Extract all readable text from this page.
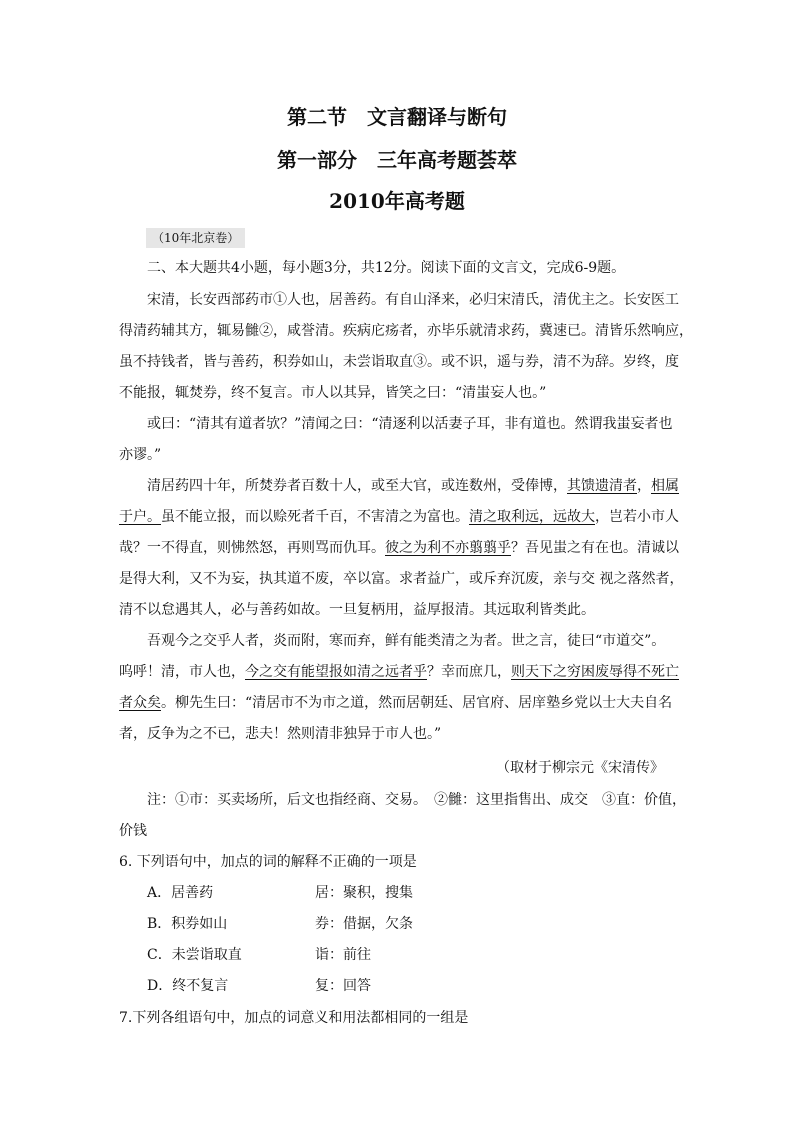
第二节　文言翻译与断句
第一部分　三年高考题荟萃
2010年高考题
（10年北京卷）
二、本大题共4小题，每小题3分，共12分。阅读下面的文言文，完成6-9题。
宋清，长安西部药市①人也，居善药。有自山泽来，必归宋清氏，清优主之。长安医工
得清药辅其方，辄易雠②，咸誉清。疾病庀疡者，亦毕乐就清求药，冀速已。清皆乐然响应，
虽不持钱者，皆与善药，积券如山，未尝诣取直③。或不识，遥与券，清不为辞。岁终，度
不能报，辄焚券，终不复言。市人以其异，皆笑之曰：“清蚩妄人也。”
或曰：“清其有道者欤？”清闻之曰：“清逐利以活妻子耳，非有道也。然谓我蚩妄者也
亦谬。”
清居药四十年，所焚券者百数十人，或至大官，或连数州，受俸博，其馈遗清者，相属
于户。虽不能立报，而以赊死者千百，不害清之为富也。清之取利远，远故大，岂若小市人
哉？一不得直，则怫然怒，再则骂而仇耳。彼之为利不亦翦翦乎？吾见蚩之有在也。清诚以
是得大利，又不为妄，执其道不废，卒以富。求者益广，或斥弃沉废，亲与交 视之落然者，
清不以怠遇其人，必与善药如故。一旦复柄用，益厚报清。其远取利皆类此。
吾观今之交乎人者，炎而附，寒而弃，鲜有能类清之为者。世之言，徒曰“市道交”。
呜呼！清，市人也，今之交有能望报如清之远者乎？幸而庶几，则天下之穷困废辱得不死亡
者众矣。柳先生曰：“清居市不为市之道，然而居朝廷、居官府、居庠塾乡党以士大夫自名
者，反争为之不已，悲夫！然则清非独异于市人也。”
（取材于柳宗元《宋清传》
注：①市：买卖场所，后文也指经商、交易。　②雠：这里指售出、成交　③直：价值，
价钱
6. 下列语句中，加点的词的解释不正确的一项是
A．居善药	居：聚积，搜集
B．积券如山	券：借据，欠条
C．未尝诣取直	诣：前往
D．终不复言	复：回答
7.下列各组语句中，加点的词意义和用法都相同的一组是
